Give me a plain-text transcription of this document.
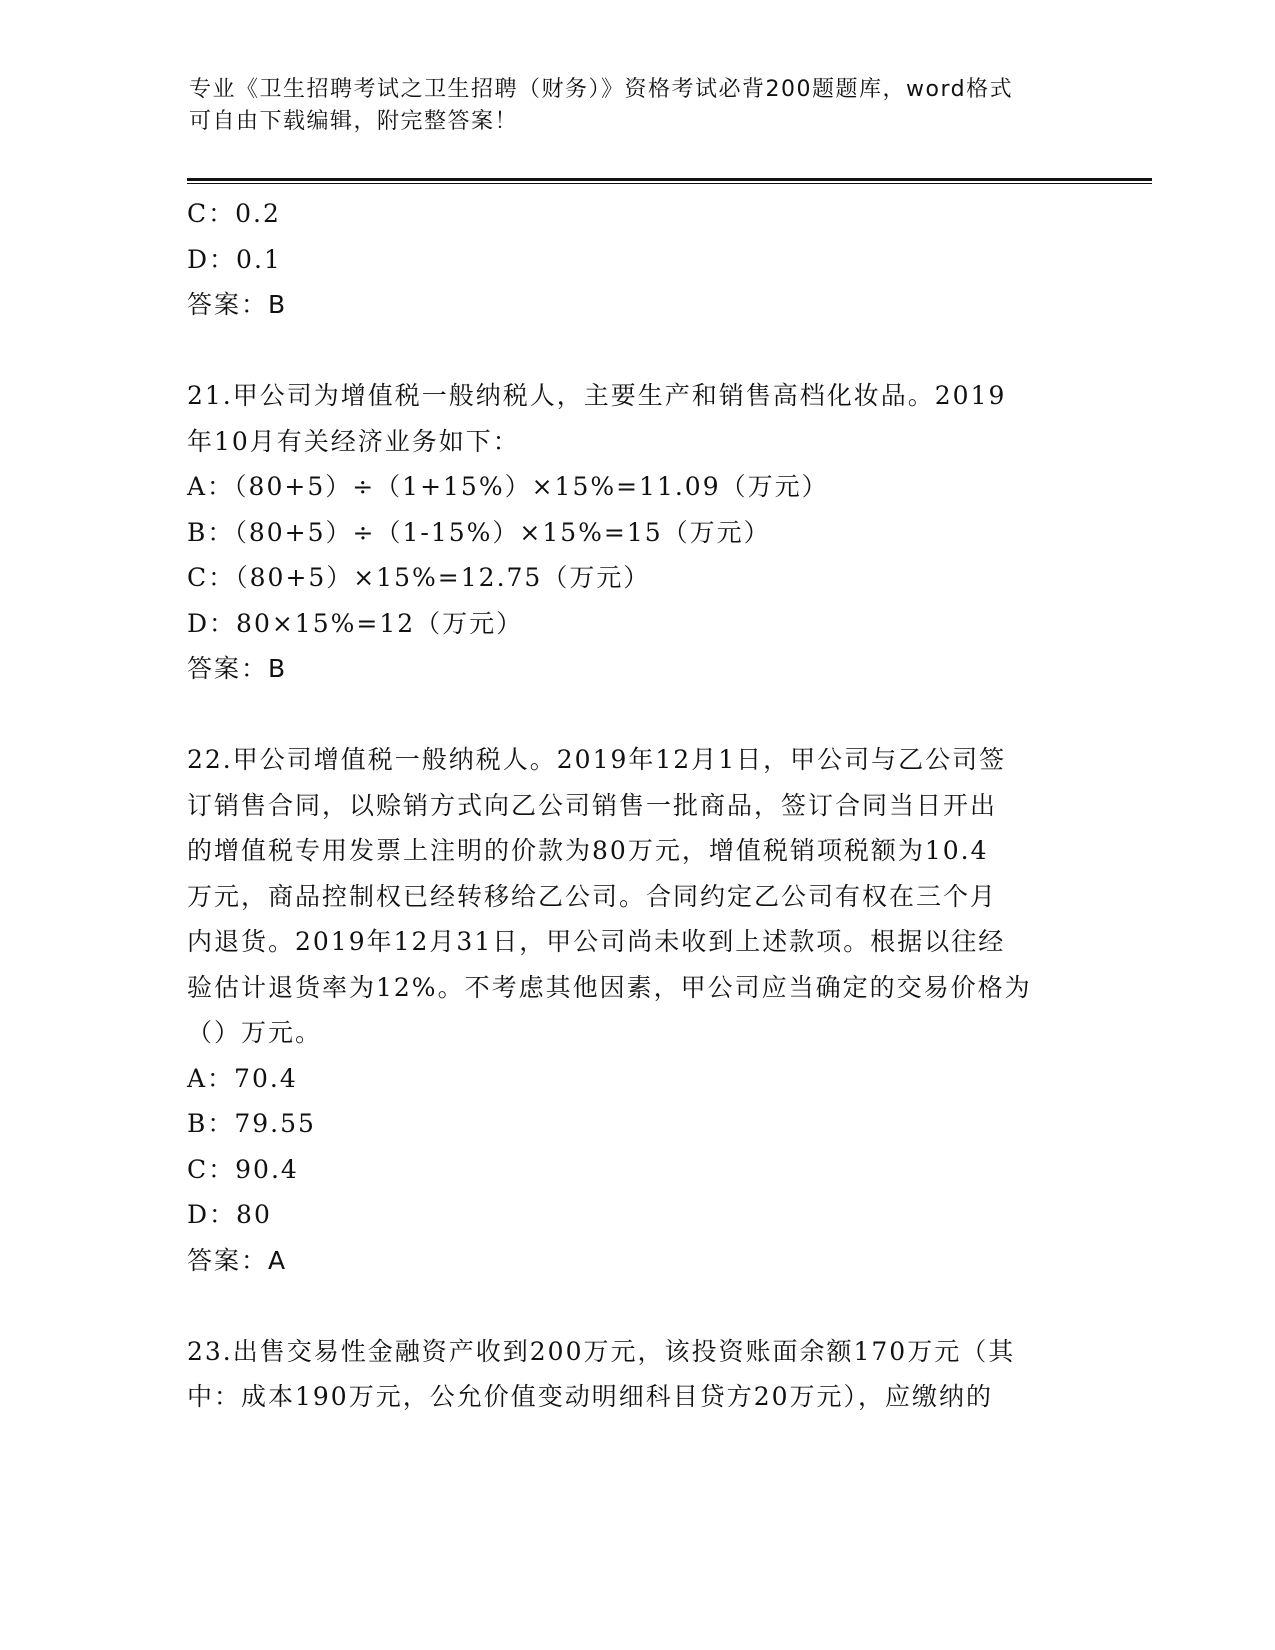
专业《卫生招聘考试之卫生招聘（财务）》资格考试必背200题题库，word格式
可自由下载编辑，附完整答案！
C：0.2
D：0.1
答案：B
21.甲公司为增值税一般纳税人，主要生产和销售高档化妆品。2019
年10月有关经济业务如下：
A：（80+5）÷（1+15%）×15%=11.09（万元）
B：（80+5）÷（1-15%）×15%=15（万元）
C：（80+5）×15%=12.75（万元）
D：80×15%=12（万元）
答案：B
22.甲公司增值税一般纳税人。2019年12月1日，甲公司与乙公司签
订销售合同，以赊销方式向乙公司销售一批商品，签订合同当日开出
的增值税专用发票上注明的价款为80万元，增值税销项税额为10.4
万元，商品控制权已经转移给乙公司。合同约定乙公司有权在三个月
内退货。2019年12月31日，甲公司尚未收到上述款项。根据以往经
验估计退货率为12%。不考虑其他因素，甲公司应当确定的交易价格为
（）万元。
A：70.4
B：79.55
C：90.4
D：80
答案：A
23.出售交易性金融资产收到200万元，该投资账面余额170万元（其
中：成本190万元，公允价值变动明细科目贷方20万元），应缴纳的
